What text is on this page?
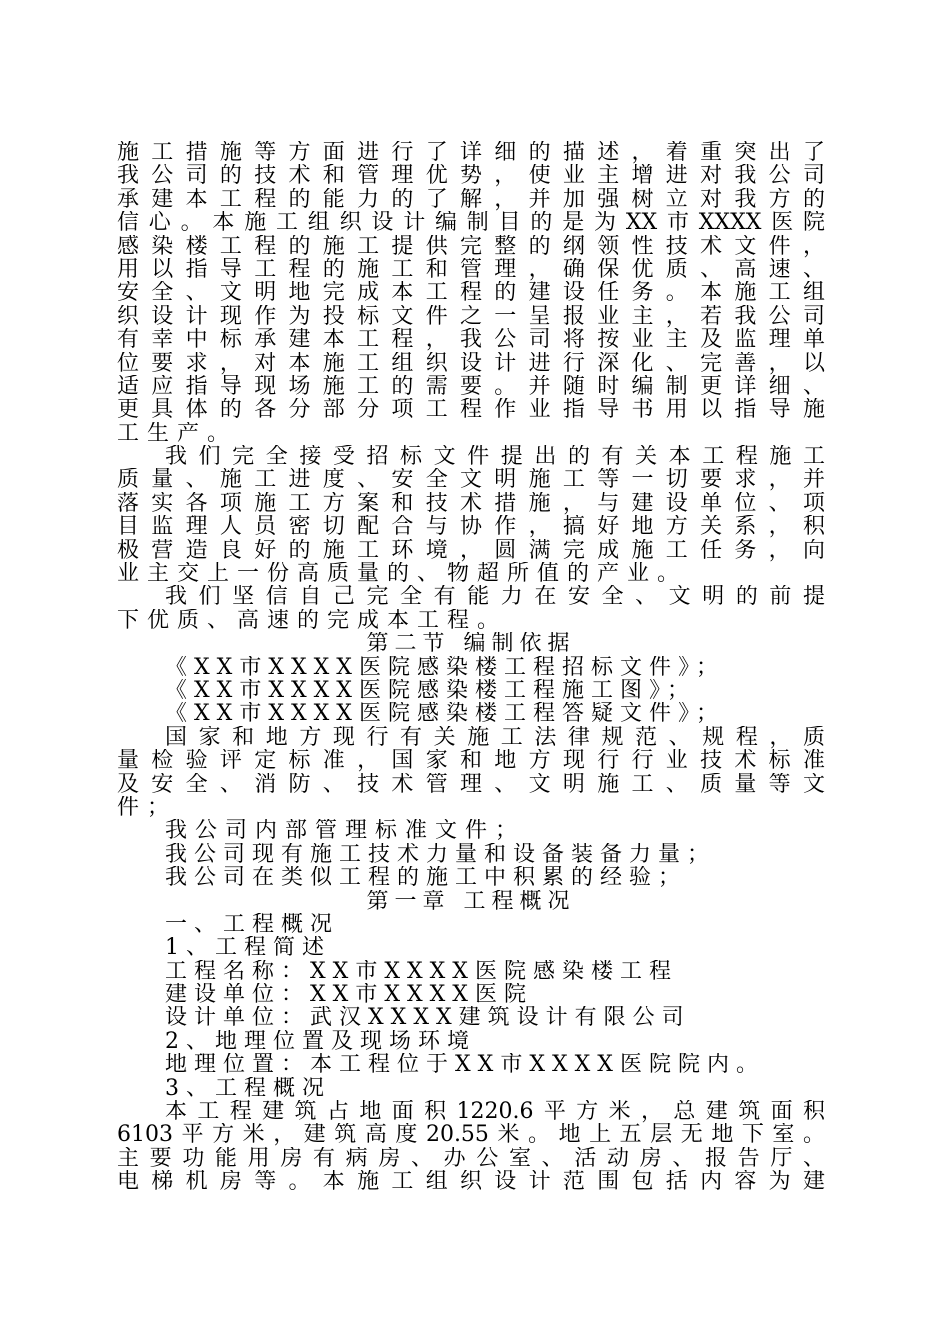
施工措施等方面进行了详细的描述，着重突出了
我公司的技术和管理优势，使业主增进对我公司
承建本工程的能力的了解，并加强树立对我方的
信心。本施工组织设计编制目的是为XX市XXXX医院
感染楼工程的施工提供完整的纲领性技术文件，
用以指导工程的施工和管理，确保优质、高速、
安全、文明地完成本工程的建设任务。本施工组
织设计现作为投标文件之一呈报业主，若我公司
有幸中标承建本工程，我公司将按业主及监理单
位要求，对本施工组织设计进行深化、完善，以
适应指导现场施工的需要。并随时编制更详细、
更具体的各分部分项工程作业指导书用以指导施
工生产。
我们完全接受招标文件提出的有关本工程施工
质量、施工进度、安全文明施工等一切要求，并
落实各项施工方案和技术措施，与建设单位、项
目监理人员密切配合与协作，搞好地方关系，积
极营造良好的施工环境，圆满完成施工任务，向
业主交上一份高质量的、物超所值的产业。
我们坚信自己完全有能力在安全、文明的前提
下优质、高速的完成本工程。
第二节 编制依据
《XX市XXXX医院感染楼工程招标文件》；
《XX市XXXX医院感染楼工程施工图》；
《XX市XXXX医院感染楼工程答疑文件》；
国家和地方现行有关施工法律规范、规程，质
量检验评定标准，国家和地方现行行业技术标准
及安全、消防、技术管理、文明施工、质量等文
件；
我公司内部管理标准文件；
我公司现有施工技术力量和设备装备力量；
我公司在类似工程的施工中积累的经验；
第一章 工程概况
一、工程概况
1、工程简述
工程名称：XX市XXXX医院感染楼工程
建设单位：XX市XXXX医院
设计单位：武汉XXXX建筑设计有限公司
2、地理位置及现场环境
地理位置：本工程位于XX市XXXX医院院内。
3、工程概况
本工程建筑占地面积1220.6平方米，总建筑面积
6103平方米，建筑高度20.55米。地上五层无地下室。
主要功能用房有病房、办公室、活动房、报告厅、
电梯机房等。本施工组织设计范围包括内容为建
